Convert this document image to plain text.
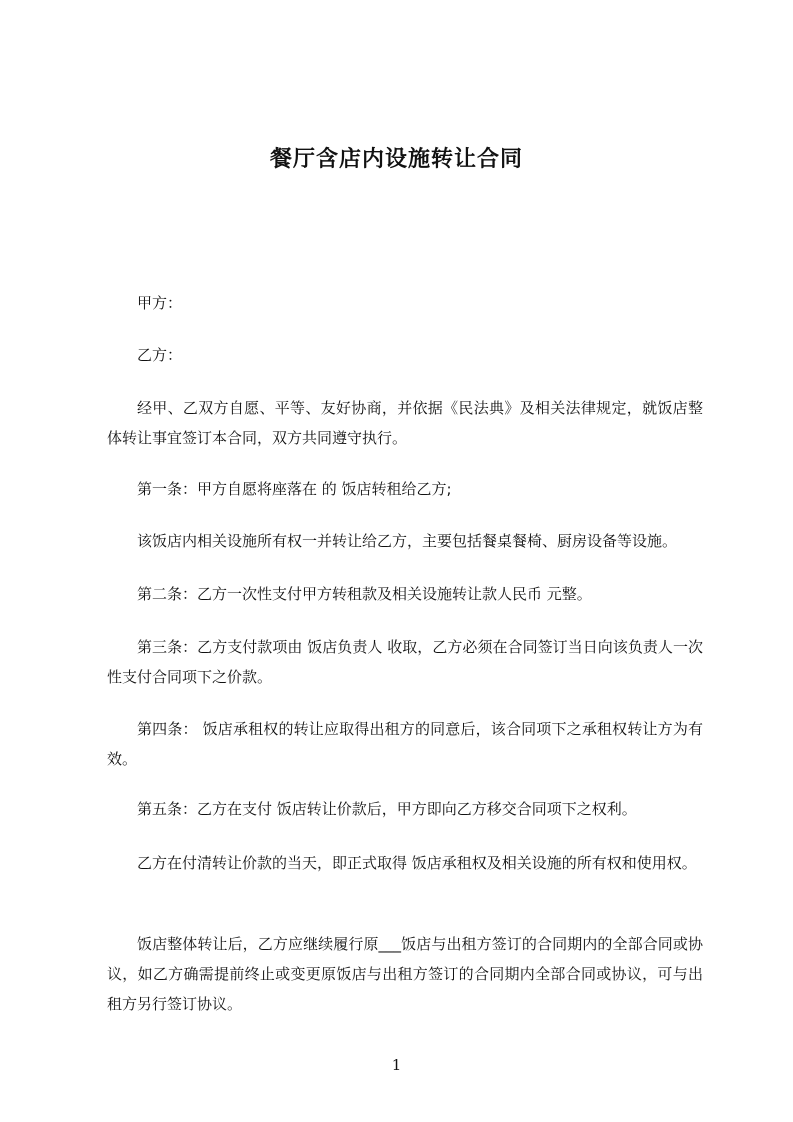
餐厅含店内设施转让合同

甲方：

乙方：

经甲、乙双方自愿、平等、友好协商，并依据《民法典》及相关法律规定，就饭店整体转让事宜签订本合同，双方共同遵守执行。

第一条：甲方自愿将座落在 的 饭店转租给乙方;

该饭店内相关设施所有权一并转让给乙方，主要包括餐桌餐椅、厨房设备等设施。

第二条：乙方一次性支付甲方转租款及相关设施转让款人民币 元整。

第三条：乙方支付款项由 饭店负责人 收取，乙方必须在合同签订当日向该负责人一次性支付合同项下之价款。

第四条： 饭店承租权的转让应取得出租方的同意后，该合同项下之承租权转让方为有效。

第五条：乙方在支付 饭店转让价款后，甲方即向乙方移交合同项下之权利。

乙方在付清转让价款的当天，即正式取得 饭店承租权及相关设施的所有权和使用权。

饭店整体转让后，乙方应继续履行原___饭店与出租方签订的合同期内的全部合同或协议，如乙方确需提前终止或变更原饭店与出租方签订的合同期内全部合同或协议，可与出租方另行签订协议。

1
